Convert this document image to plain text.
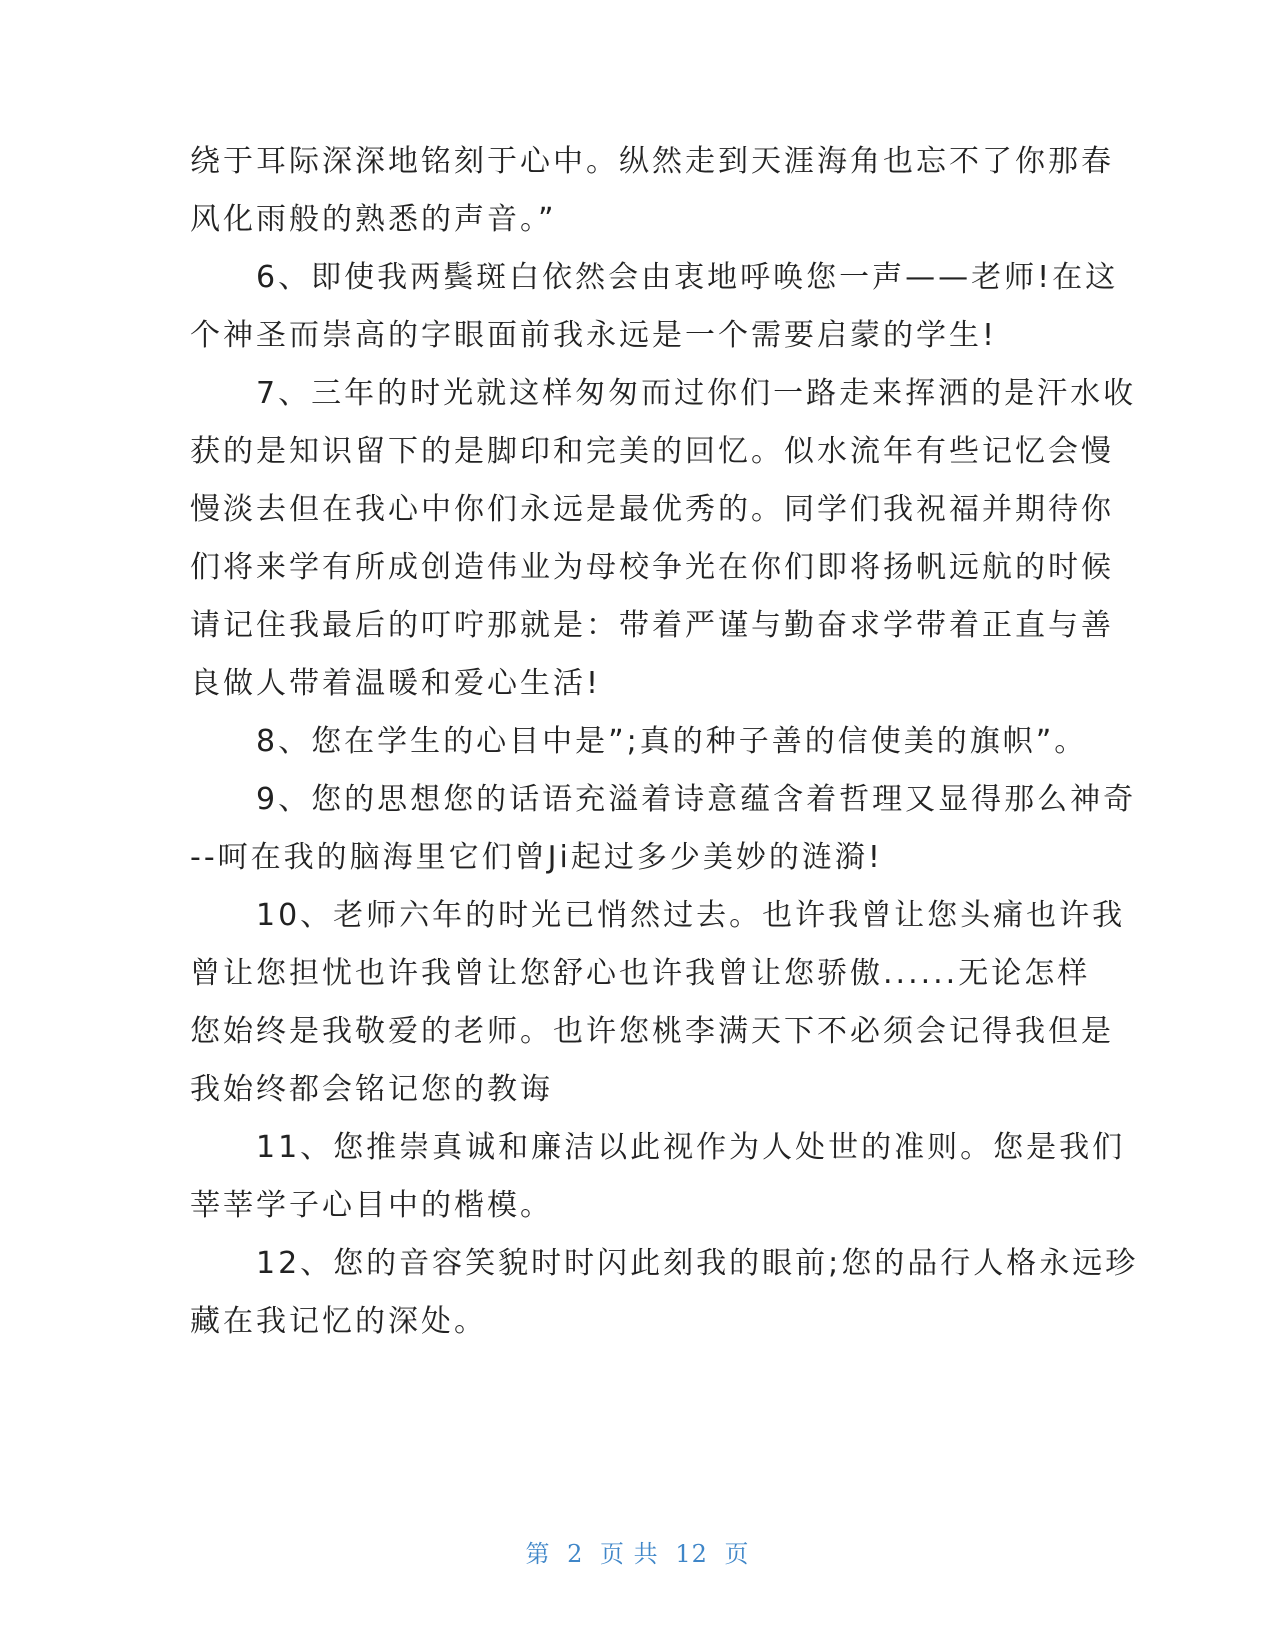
绕于耳际深深地铭刻于心中。纵然走到天涯海角也忘不了你那春
风化雨般的熟悉的声音。”
　　6、即使我两鬓斑白依然会由衷地呼唤您一声——老师!在这
个神圣而崇高的字眼面前我永远是一个需要启蒙的学生!
　　7、三年的时光就这样匆匆而过你们一路走来挥洒的是汗水收
获的是知识留下的是脚印和完美的回忆。似水流年有些记忆会慢
慢淡去但在我心中你们永远是最优秀的。同学们我祝福并期待你
们将来学有所成创造伟业为母校争光在你们即将扬帆远航的时候
请记住我最后的叮咛那就是：带着严谨与勤奋求学带着正直与善
良做人带着温暖和爱心生活!
　　8、您在学生的心目中是”;真的种子善的信使美的旗帜”。
　　9、您的思想您的话语充溢着诗意蕴含着哲理又显得那么神奇
--呵在我的脑海里它们曾Ji起过多少美妙的涟漪!
　　10、老师六年的时光已悄然过去。也许我曾让您头痛也许我
曾让您担忧也许我曾让您舒心也许我曾让您骄傲......无论怎样
您始终是我敬爱的老师。也许您桃李满天下不必须会记得我但是
我始终都会铭记您的教诲
　　11、您推崇真诚和廉洁以此视作为人处世的准则。您是我们
莘莘学子心目中的楷模。
　　12、您的音容笑貌时时闪此刻我的眼前;您的品行人格永远珍
藏在我记忆的深处。
第 2 页 共 12 页
